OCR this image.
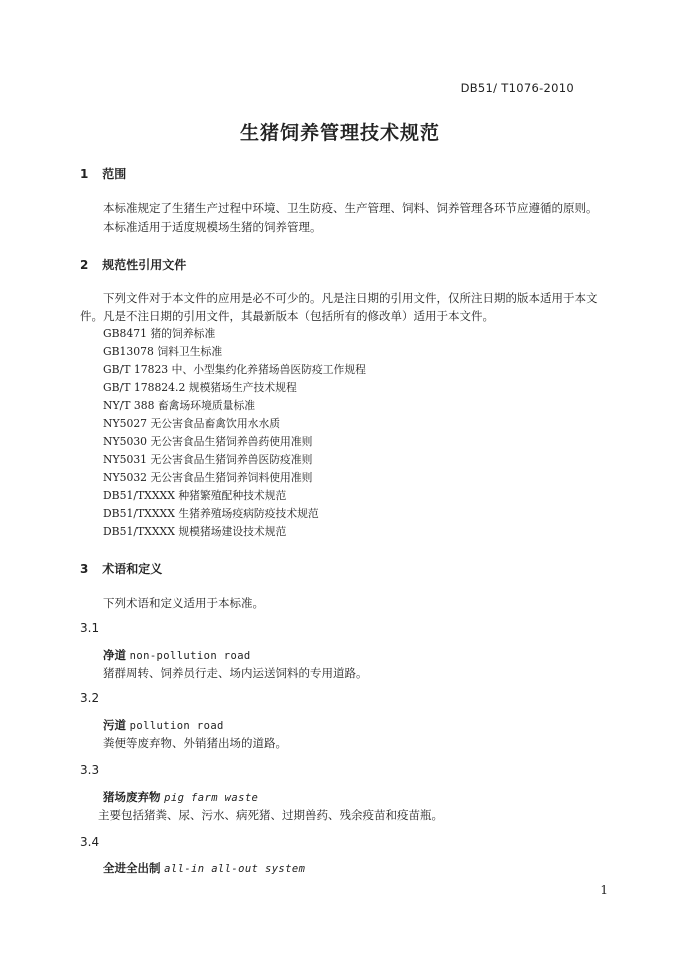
DB51/ T1076-2010
生猪饲养管理技术规范
1 范围
本标准规定了生猪生产过程中环境、卫生防疫、生产管理、饲料、饲养管理各环节应遵循的原则。
本标准适用于适度规模场生猪的饲养管理。
2 规范性引用文件
下列文件对于本文件的应用是必不可少的。凡是注日期的引用文件，仅所注日期的版本适用于本文
件。凡是不注日期的引用文件，其最新版本（包括所有的修改单）适用于本文件。
GB8471 猪的饲养标准
GB13078 饲料卫生标准
GB/T 17823 中、小型集约化养猪场兽医防疫工作规程
GB/T 178824.2 规模猪场生产技术规程
NY/T 388 畜禽场环境质量标准
NY5027 无公害食品畜禽饮用水水质
NY5030 无公害食品生猪饲养兽药使用准则
NY5031 无公害食品生猪饲养兽医防疫准则
NY5032 无公害食品生猪饲养饲料使用准则
DB51/TXXXX 种猪繁殖配种技术规范
DB51/TXXXX 生猪养殖场疫病防疫技术规范
DB51/TXXXX 规模猪场建设技术规范
3 术语和定义
下列术语和定义适用于本标准。
3.1
净道 non-pollution road
猪群周转、饲养员行走、场内运送饲料的专用道路。
3.2
污道 pollution road
粪便等废弃物、外销猪出场的道路。
3.3
猪场废弃物 pig farm waste
主要包括猪粪、尿、污水、病死猪、过期兽药、残余疫苗和疫苗瓶。
3.4
全进全出制 all-in all-out system
1
